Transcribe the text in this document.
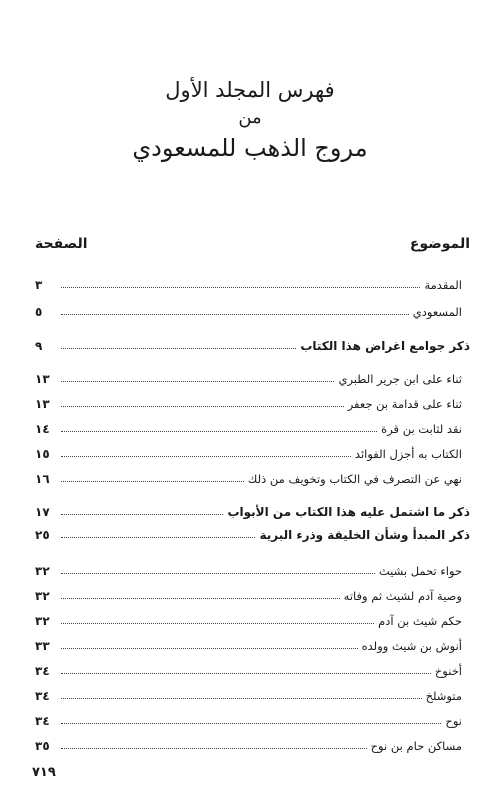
فهرس المجلد الأول
من
مروج الذهب للمسعودي
الموضوع
الصفحة
المقدمة
٣
المسعودي
٥
ذكر جوامع اغراض هذا الكتاب
٩
ثناء على ابن جرير الطبري
١٣
ثناء على قدامة بن جعفر
١٣
نقد لثابت بن قرة
١٤
الكتاب به أجزل الفوائد
١٥
نهي عن التصرف في الكتاب وتخويف من ذلك
١٦
ذكر ما اشتمل عليه هذا الكتاب من الأبواب
١٧
ذكر المبدأ وشأن الخليقة وذرء البرية
٢٥
حواء تحمل بشيث
٣٢
وصية آدم لشيث ثم وفاته
٣٢
حكم شيث بن آدم
٣٢
أنوش بن شيث وولده
٣٣
أخنوخ
٣٤
متوشلخ
٣٤
نوح
٣٤
مساكن حام بن نوح
٣٥
٧١٩
